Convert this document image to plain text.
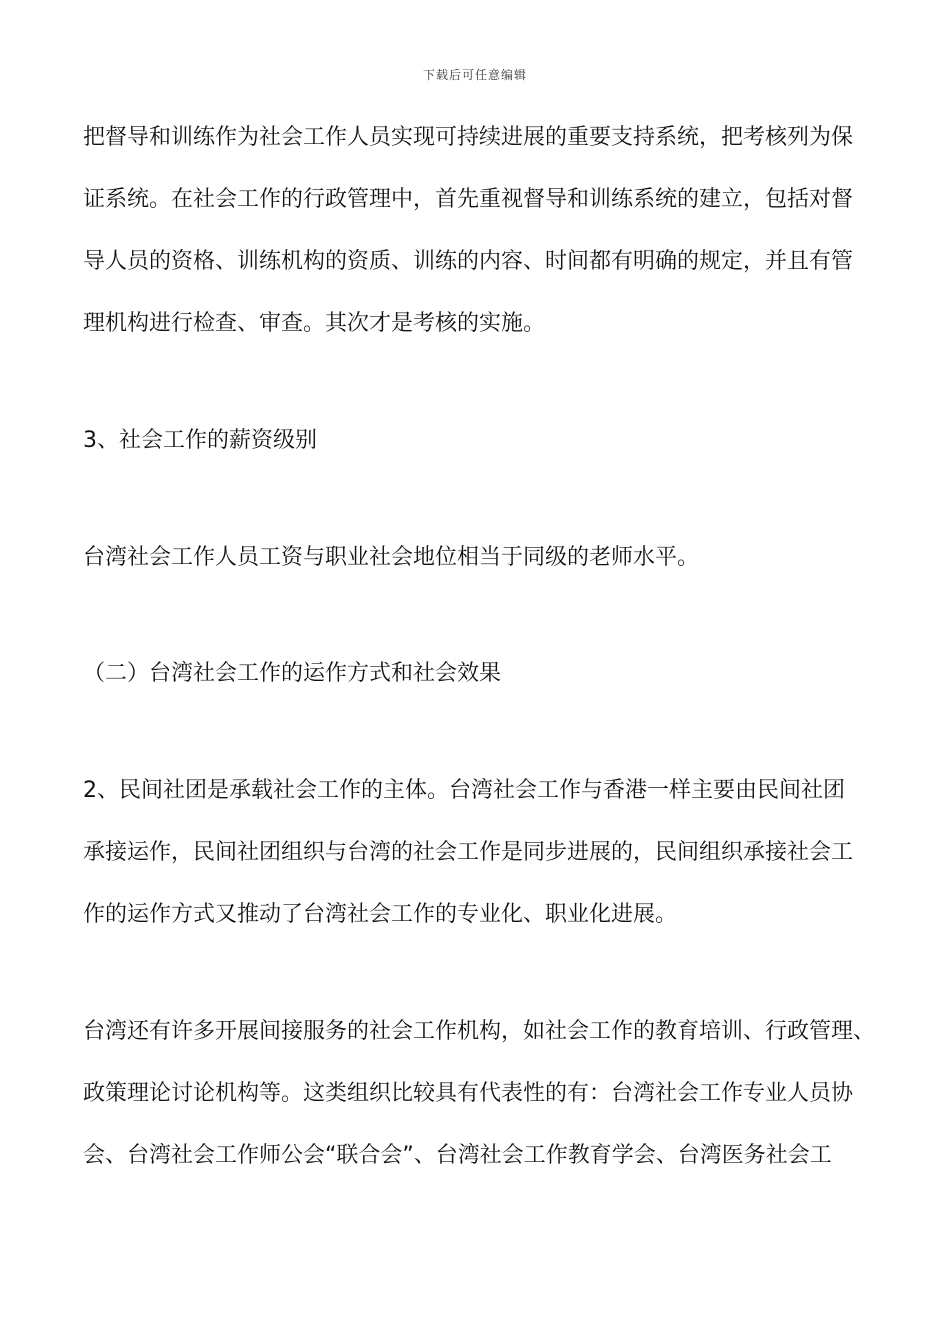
下载后可任意编辑
把督导和训练作为社会工作人员实现可持续进展的重要支持系统，把考核列为保
证系统。在社会工作的行政管理中，首先重视督导和训练系统的建立，包括对督
导人员的资格、训练机构的资质、训练的内容、时间都有明确的规定，并且有管
理机构进行检查、审查。其次才是考核的实施。
3、社会工作的薪资级别
台湾社会工作人员工资与职业社会地位相当于同级的老师水平。
（二）台湾社会工作的运作方式和社会效果
2、民间社团是承载社会工作的主体。台湾社会工作与香港一样主要由民间社团
承接运作，民间社团组织与台湾的社会工作是同步进展的，民间组织承接社会工
作的运作方式又推动了台湾社会工作的专业化、职业化进展。
台湾还有许多开展间接服务的社会工作机构，如社会工作的教育培训、行政管理、
政策理论讨论机构等。这类组织比较具有代表性的有：台湾社会工作专业人员协
会、台湾社会工作师公会“联合会”、台湾社会工作教育学会、台湾医务社会工
